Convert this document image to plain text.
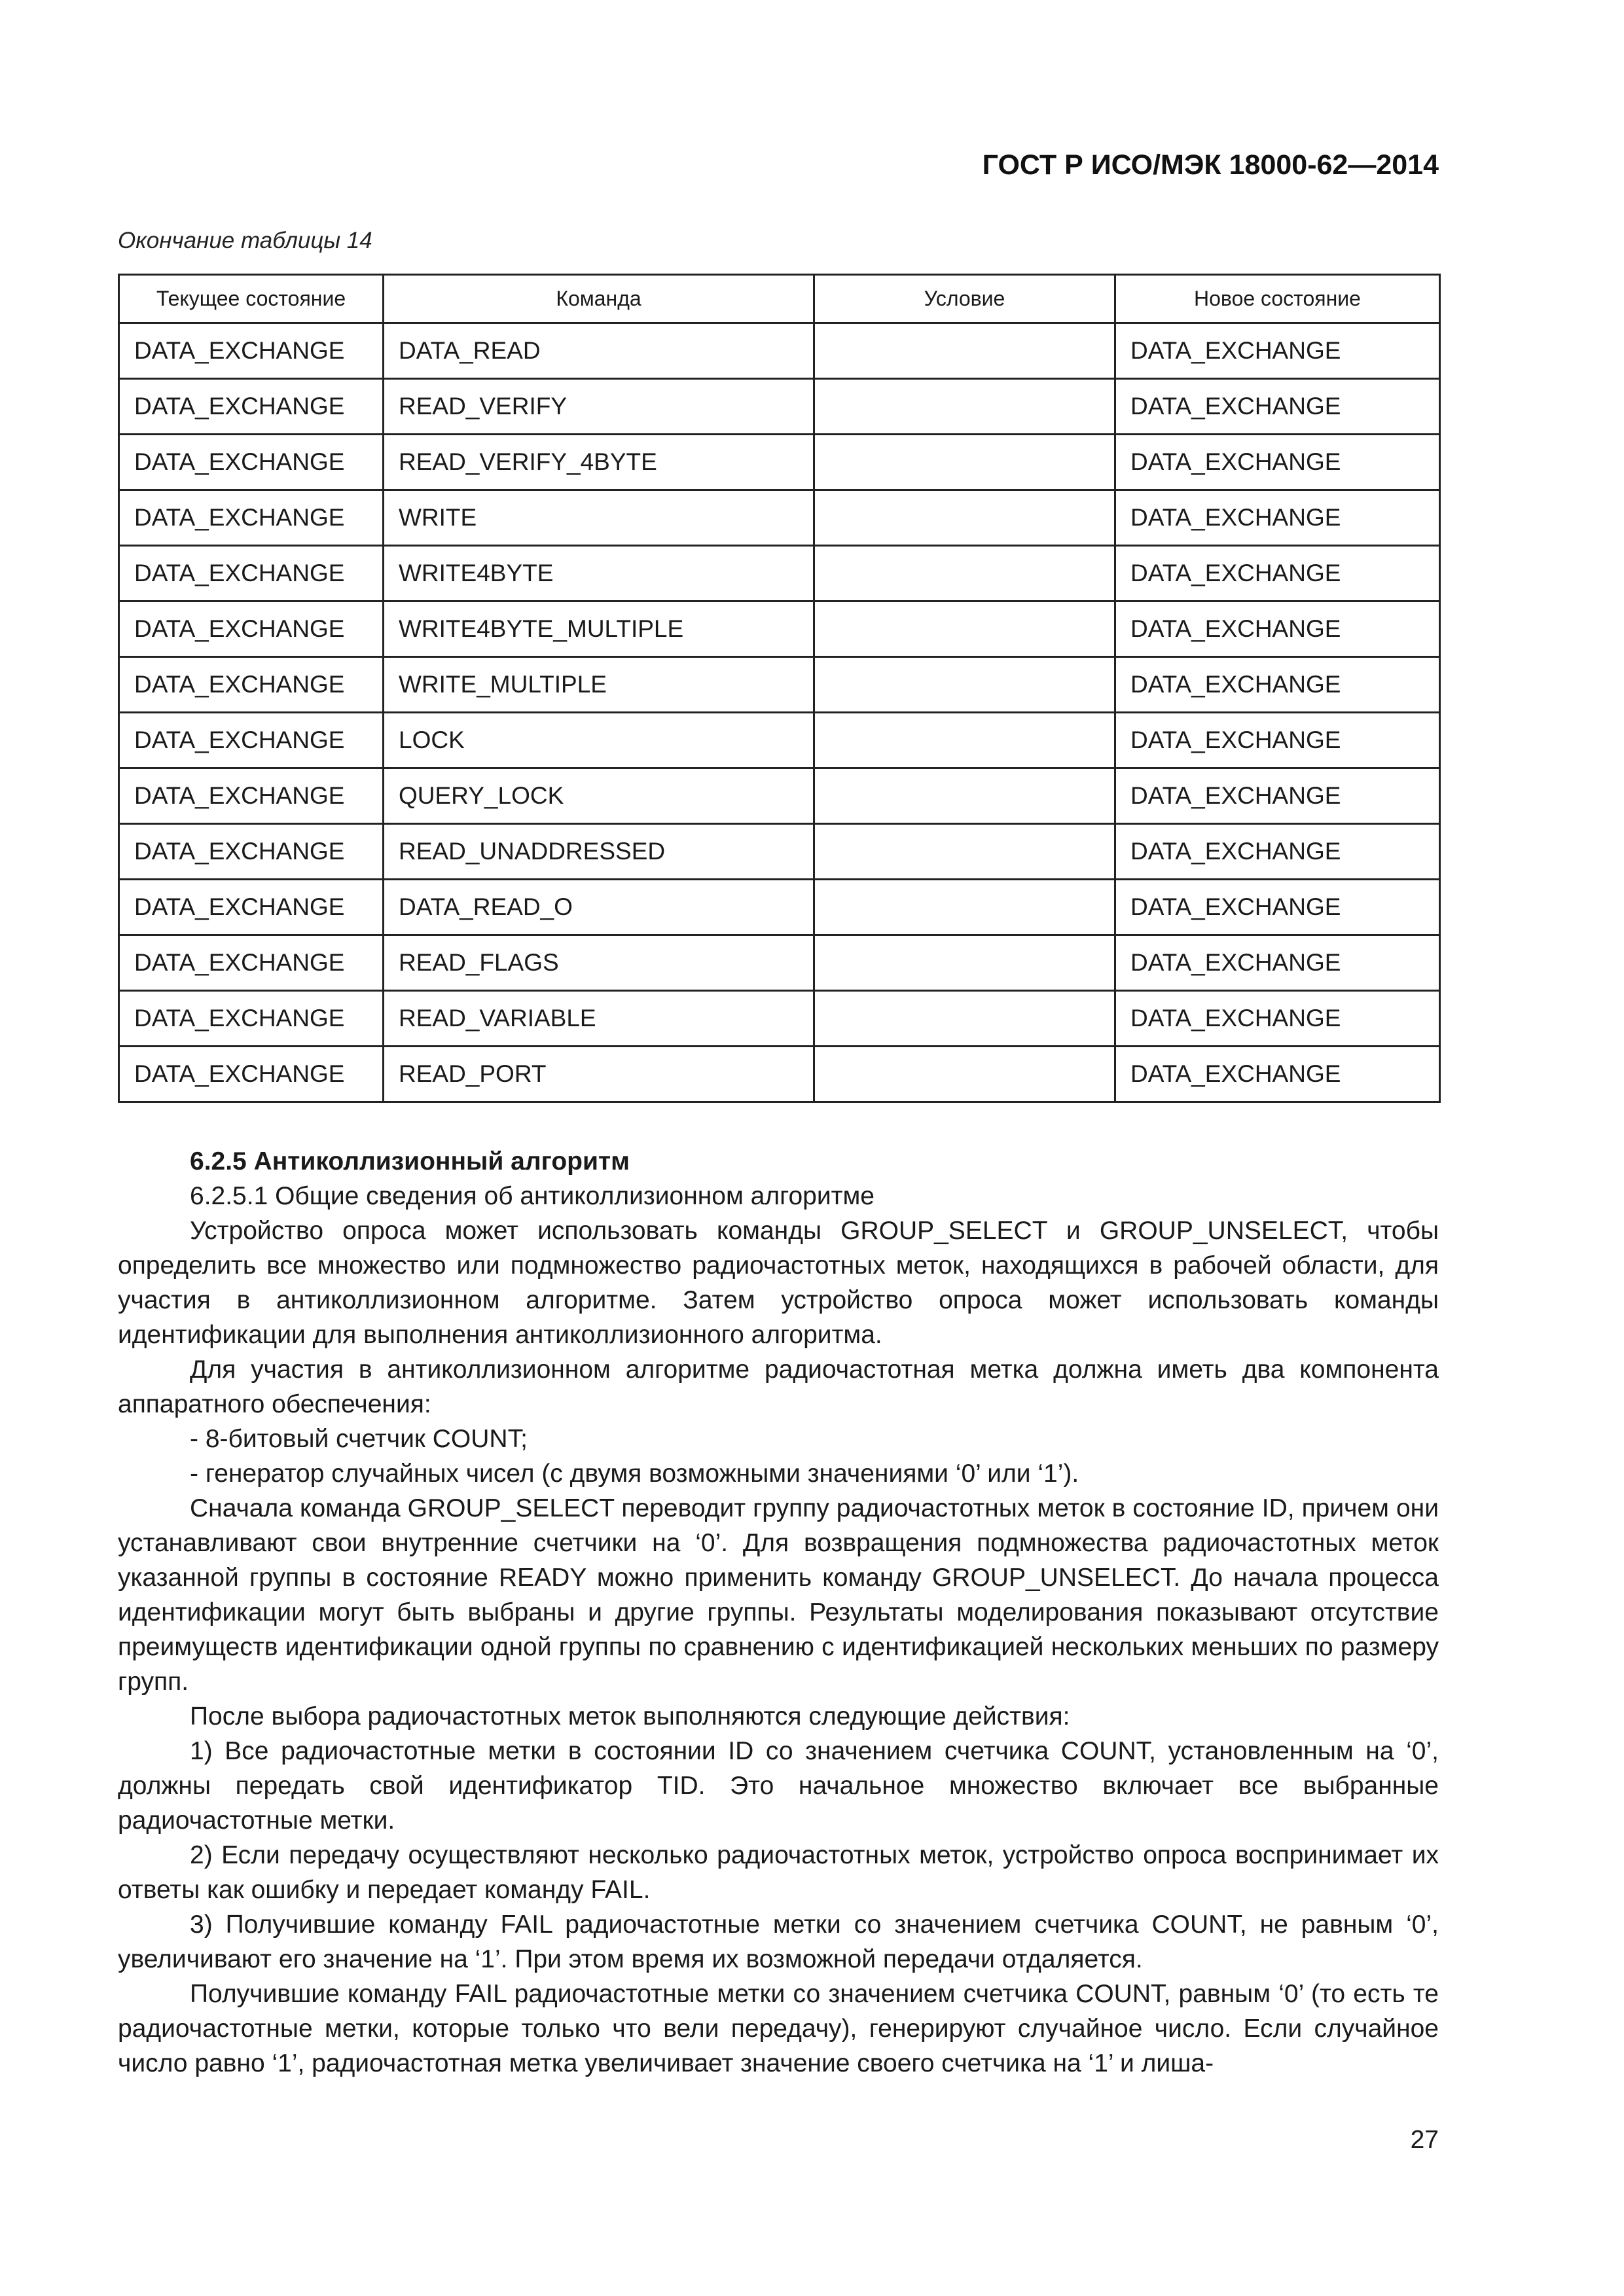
ГОСТ Р ИСО/МЭК 18000-62—2014
Окончание таблицы 14
Текущее состояние	Команда	Условие	Новое состояние
DATA_EXCHANGE	DATA_READ		DATA_EXCHANGE
DATA_EXCHANGE	READ_VERIFY		DATA_EXCHANGE
DATA_EXCHANGE	READ_VERIFY_4BYTE		DATA_EXCHANGE
DATA_EXCHANGE	WRITE		DATA_EXCHANGE
DATA_EXCHANGE	WRITE4BYTE		DATA_EXCHANGE
DATA_EXCHANGE	WRITE4BYTE_MULTIPLE		DATA_EXCHANGE
DATA_EXCHANGE	WRITE_MULTIPLE		DATA_EXCHANGE
DATA_EXCHANGE	LOCK		DATA_EXCHANGE
DATA_EXCHANGE	QUERY_LOCK		DATA_EXCHANGE
DATA_EXCHANGE	READ_UNADDRESSED		DATA_EXCHANGE
DATA_EXCHANGE	DATA_READ_O		DATA_EXCHANGE
DATA_EXCHANGE	READ_FLAGS		DATA_EXCHANGE
DATA_EXCHANGE	READ_VARIABLE		DATA_EXCHANGE
DATA_EXCHANGE	READ_PORT		DATA_EXCHANGE

6.2.5 Антиколлизионный алгоритм

6.2.5.1 Общие сведения об антиколлизионном алгоритме

Устройство опроса может использовать команды GROUP_SELECT и GROUP_UNSELECT, чтобы определить все множество или подмножество радиочастотных меток, находящихся в рабочей области, для участия в антиколлизионном алгоритме. Затем устройство опроса может использовать команды идентификации для выполнения антиколлизионного алгоритма.

Для участия в антиколлизионном алгоритме радиочастотная метка должна иметь два компонента аппаратного обеспечения:

- 8-битовый счетчик COUNT;

- генератор случайных чисел (с двумя возможными значениями ‘0’ или ‘1’).

Сначала команда GROUP_SELECT переводит группу радиочастотных меток в состояние ID, причем они устанавливают свои внутренние счетчики на ‘0’. Для возвращения подмножества радиочастотных меток указанной группы в состояние READY можно применить команду GROUP_UNSELECT. До начала процесса идентификации могут быть выбраны и другие группы. Результаты моделирования показывают отсутствие преимуществ идентификации одной группы по сравнению с идентификацией нескольких меньших по размеру групп.

После выбора радиочастотных меток выполняются следующие действия:

1) Все радиочастотные метки в состоянии ID со значением счетчика COUNT, установленным на ‘0’, должны передать свой идентификатор TID. Это начальное множество включает все выбранные радиочастотные метки.

2) Если передачу осуществляют несколько радиочастотных меток, устройство опроса воспринимает их ответы как ошибку и передает команду FAIL.

3) Получившие команду FAIL радиочастотные метки со значением счетчика COUNT, не равным ‘0’, увеличивают его значение на ‘1’. При этом время их возможной передачи отдаляется.

Получившие команду FAIL радиочастотные метки со значением счетчика COUNT, равным ‘0’ (то есть те радиочастотные метки, которые только что вели передачу), генерируют случайное число. Если случайное число равно ‘1’, радиочастотная метка увеличивает значение своего счетчика на ‘1’ и лиша-

27
